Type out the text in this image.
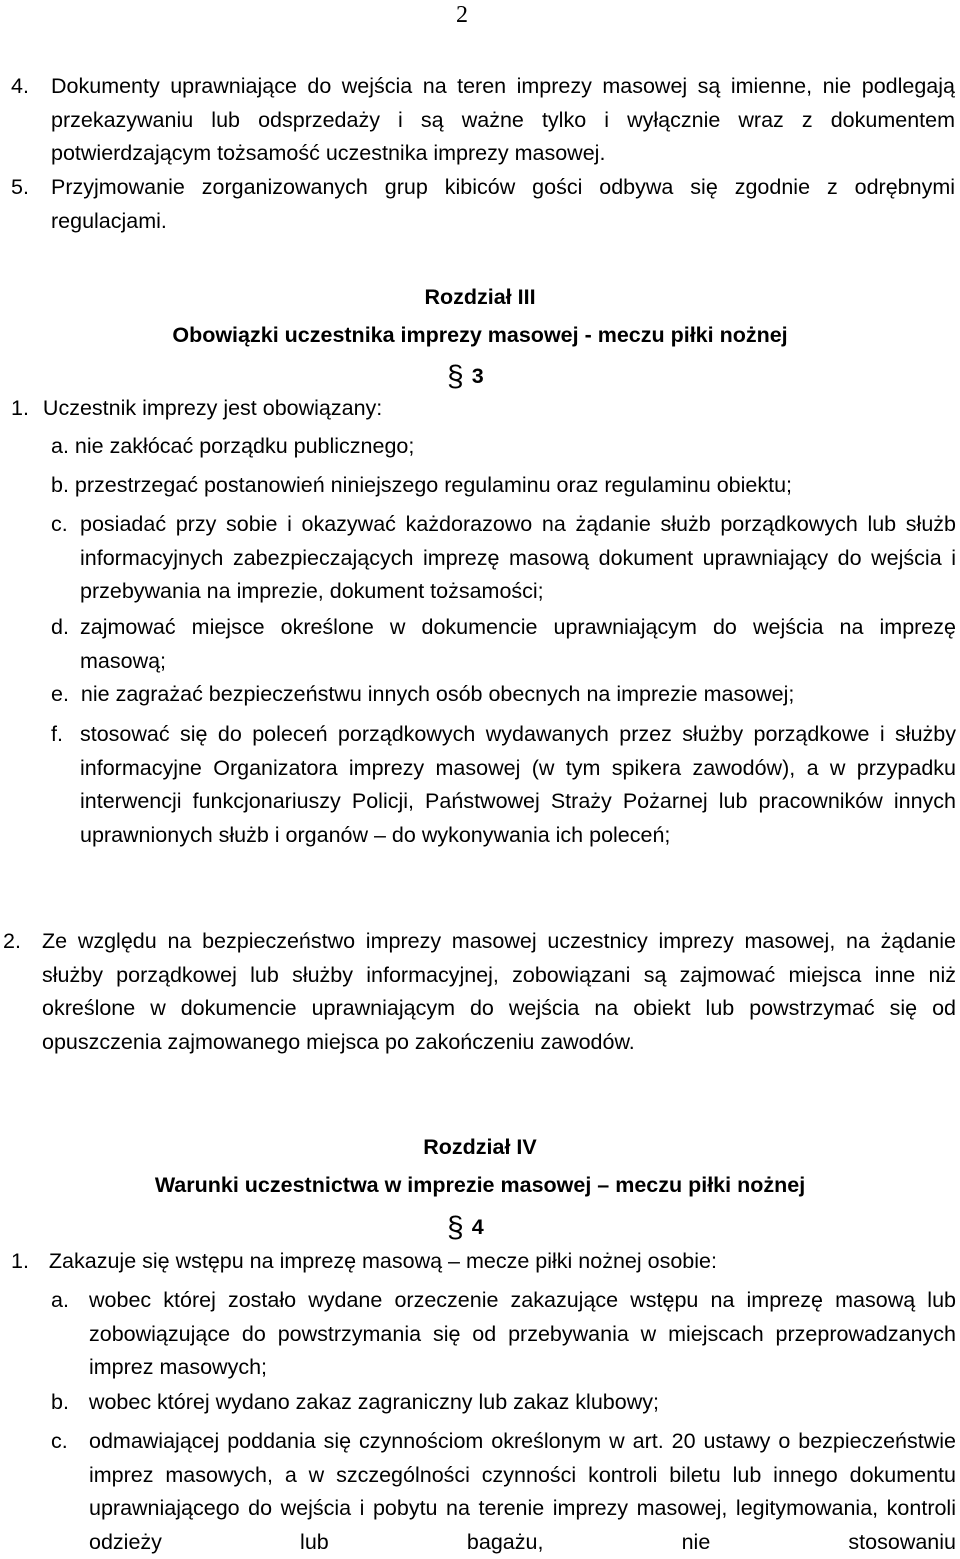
2
4. Dokumenty uprawniające do wejścia na teren imprezy masowej są imienne, nie podlegają przekazywaniu lub odsprzedaży i są ważne tylko i wyłącznie wraz z dokumentem potwierdzającym tożsamość uczestnika imprezy masowej.
5. Przyjmowanie zorganizowanych grup kibiców gości odbywa się zgodnie z odrębnymi regulacjami.
Rozdział III
Obowiązki uczestnika imprezy masowej - meczu piłki nożnej
§ 3
1. Uczestnik imprezy jest obowiązany:
a. nie zakłócać porządku publicznego;
b. przestrzegać postanowień niniejszego regulaminu oraz regulaminu obiektu;
c. posiadać przy sobie i okazywać każdorazowo na żądanie służb porządkowych lub służb informacyjnych zabezpieczających imprezę masową dokument uprawniający do wejścia i przebywania na imprezie, dokument tożsamości;
d. zajmować miejsce określone w dokumencie uprawniającym do wejścia na imprezę masową;
e. nie zagrażać bezpieczeństwu innych osób obecnych na imprezie masowej;
f. stosować się do poleceń porządkowych wydawanych przez służby porządkowe i służby informacyjne Organizatora imprezy masowej (w tym spikera zawodów), a w przypadku interwencji funkcjonariuszy Policji, Państwowej Straży Pożarnej lub pracowników innych uprawnionych służb i organów – do wykonywania ich poleceń;
2. Ze względu na bezpieczeństwo imprezy masowej uczestnicy imprezy masowej, na żądanie służby porządkowej lub służby informacyjnej, zobowiązani są zajmować miejsca inne niż określone w dokumencie uprawniającym do wejścia na obiekt lub powstrzymać się od opuszczenia zajmowanego miejsca po zakończeniu zawodów.
Rozdział IV
Warunki uczestnictwa w imprezie masowej – meczu piłki nożnej
§ 4
1. Zakazuje się wstępu na imprezę masową – mecze piłki nożnej osobie:
a. wobec której zostało wydane orzeczenie zakazujące wstępu na imprezę masową lub zobowiązujące do powstrzymania się od przebywania w miejscach przeprowadzanych imprez masowych;
b. wobec której wydano zakaz zagraniczny lub zakaz klubowy;
c. odmawiającej poddania się czynnościom określonym w art. 20 ustawy o bezpieczeństwie imprez masowych, a w szczególności czynności kontroli biletu lub innego dokumentu uprawniającego do wejścia i pobytu na terenie imprezy masowej, legitymowania, kontroli odzieży lub bagażu, nie stosowaniu
